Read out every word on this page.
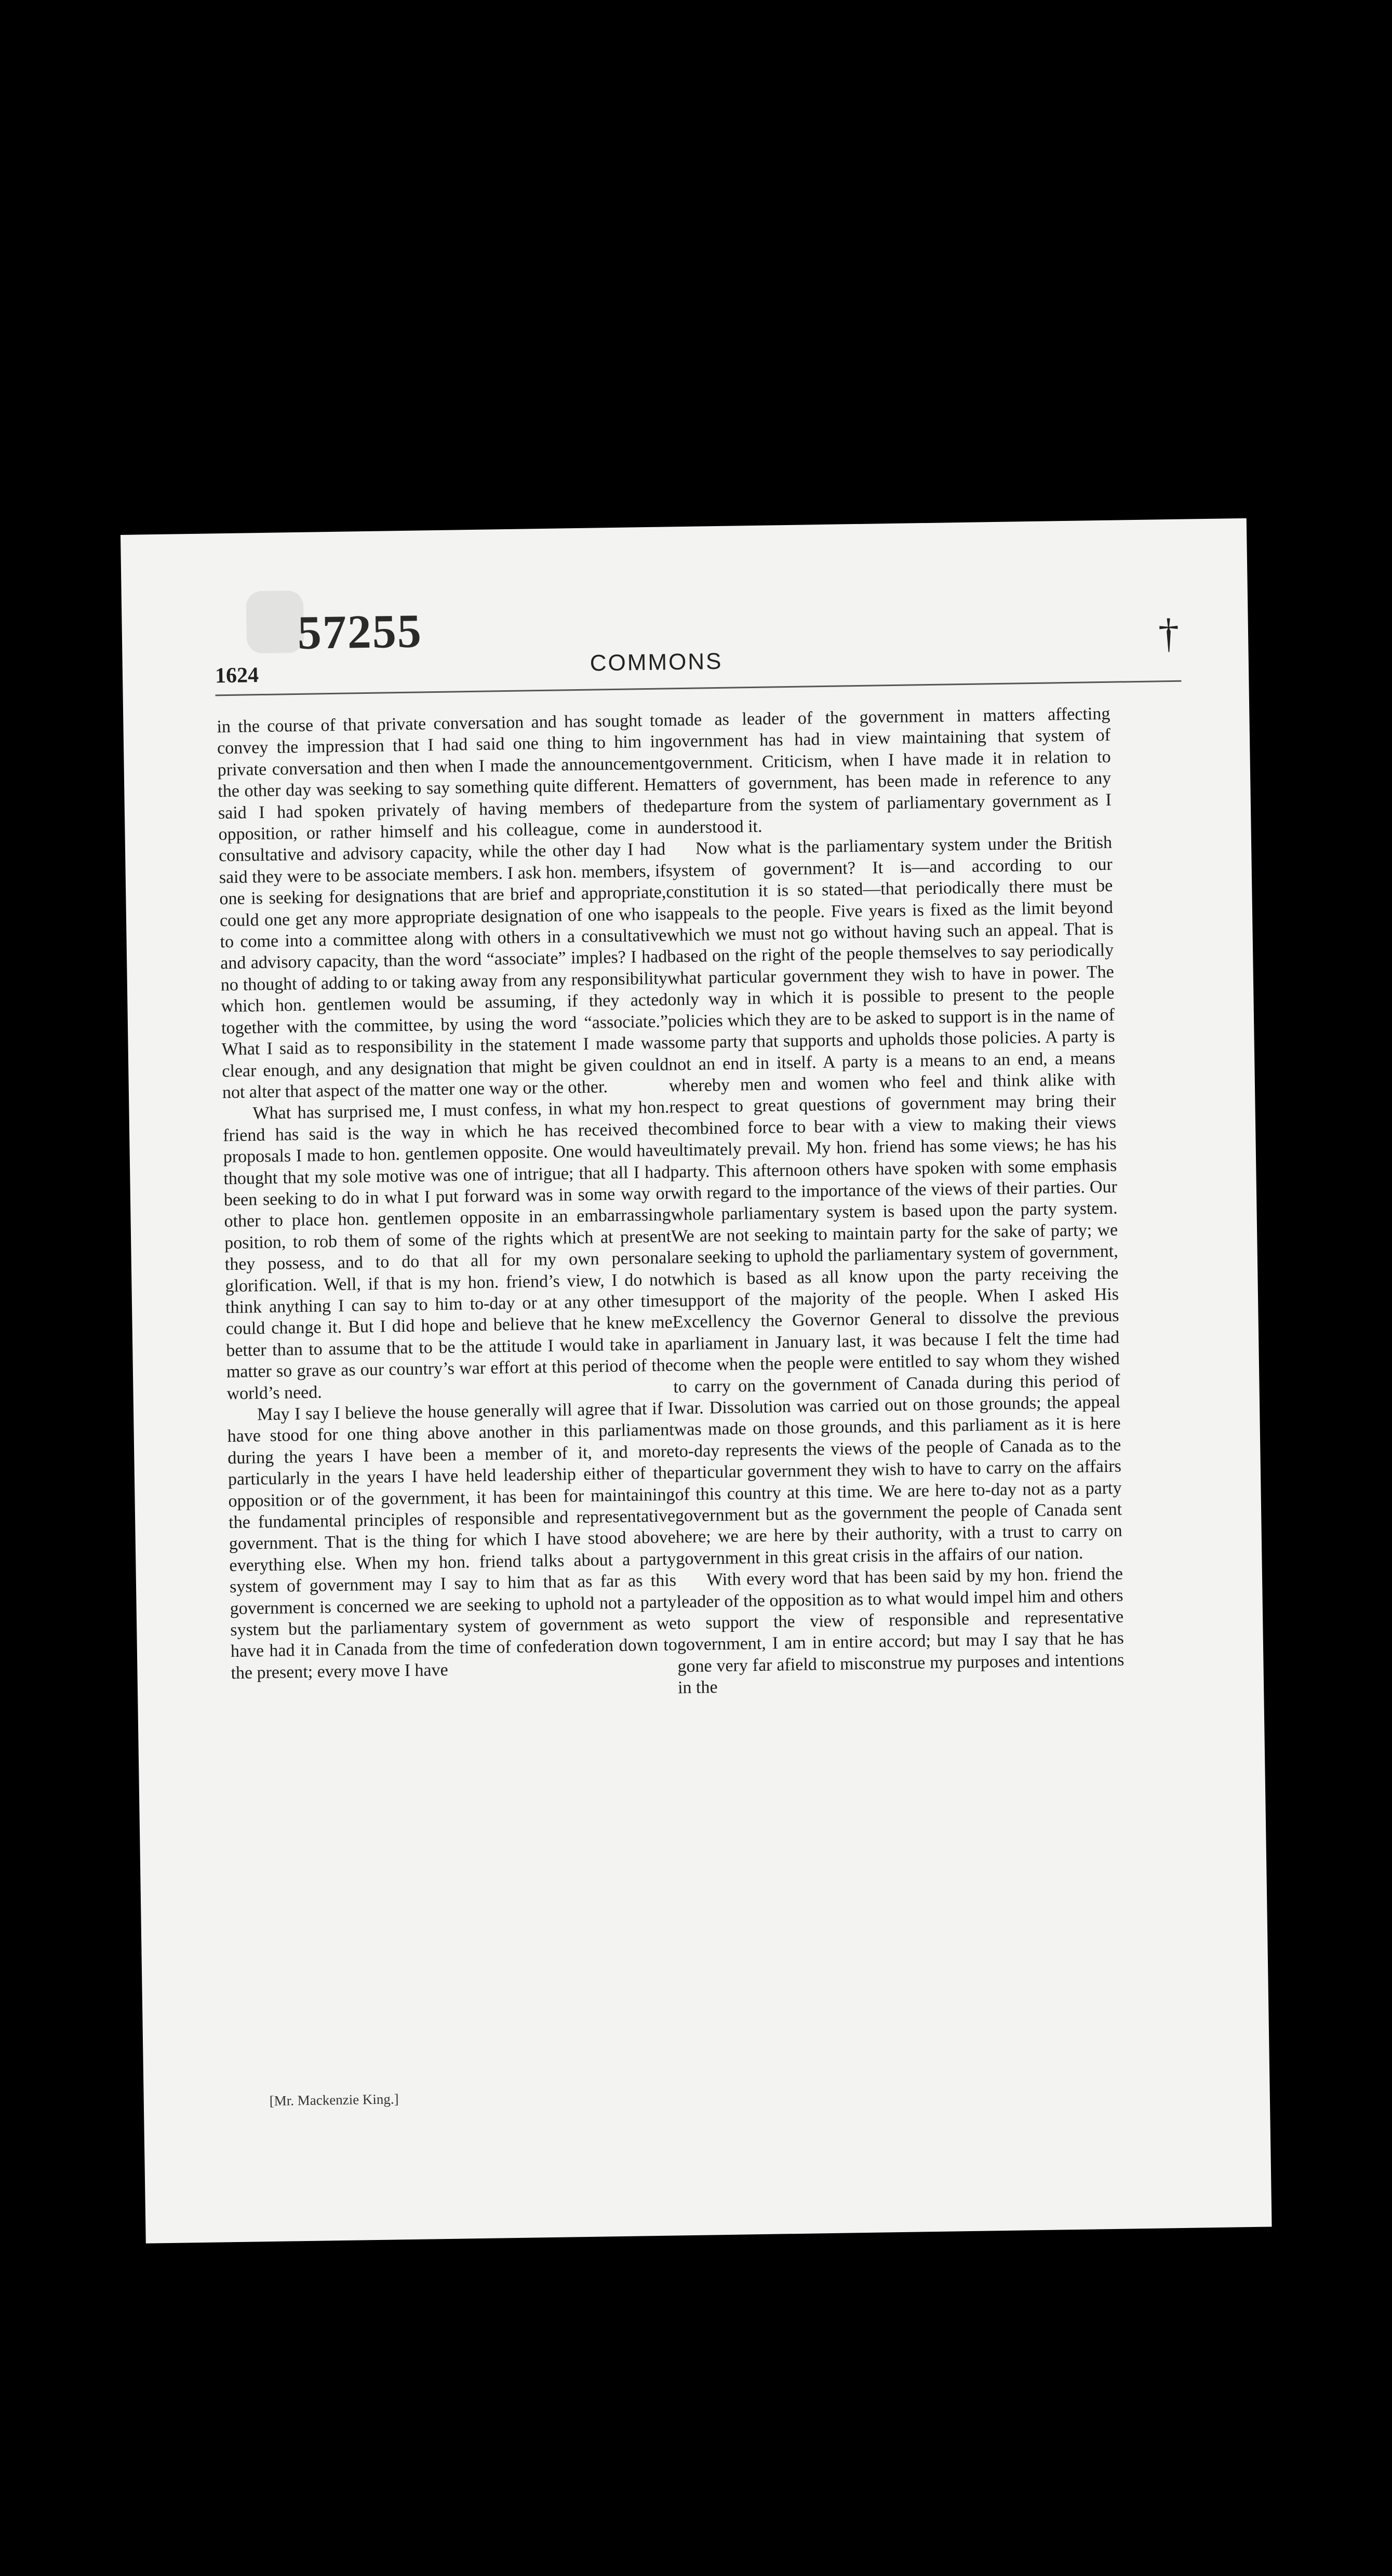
57255
1624	COMMONS
†

in the course of that private conversation and has sought to convey the impression that I had said one thing to him in private conversation and then when I made the announcement the other day was seeking to say something quite different. He said I had spoken privately of having members of the opposition, or rather himself and his colleague, come in a consultative and advisory capacity, while the other day I had said they were to be associate members. I ask hon. members, if one is seeking for designations that are brief and appropriate, could one get any more appropriate designation of one who is to come into a committee along with others in a consultative and advisory capacity, than the word “associate” imples? I had no thought of adding to or taking away from any responsibility which hon. gentlemen would be assuming, if they acted together with the committee, by using the word “associate.” What I said as to responsibility in the statement I made was clear enough, and any designation that might be given could not alter that aspect of the matter one way or the other.

What has surprised me, I must confess, in what my hon. friend has said is the way in which he has received the proposals I made to hon. gentlemen opposite. One would have thought that my sole motive was one of intrigue; that all I had been seeking to do in what I put forward was in some way or other to place hon. gentlemen opposite in an embarrassing position, to rob them of some of the rights which at present they possess, and to do that all for my own personal glorification. Well, if that is my hon. friend’s view, I do not think anything I can say to him to-day or at any other time could change it. But I did hope and believe that he knew me better than to assume that to be the attitude I would take in a matter so grave as our country’s war effort at this period of the world’s need.

May I say I believe the house generally will agree that if I have stood for one thing above another in this parliament during the years I have been a member of it, and more particularly in the years I have held leadership either of the opposition or of the government, it has been for maintaining the fundamental principles of responsible and representative government. That is the thing for which I have stood above everything else. When my hon. friend talks about a party system of government may I say to him that as far as this government is concerned we are seeking to uphold not a party system but the parliamentary system of government as we have had it in Canada from the time of confederation down to the present; every move I have

[Mr. Mackenzie King.]

made as leader of the government in matters affecting government has had in view maintaining that system of government. Criticism, when I have made it in relation to matters of government, has been made in reference to any departure from the system of parliamentary government as I understood it.

Now what is the parliamentary system under the British system of government? It is—and according to our constitution it is so stated—that periodically there must be appeals to the people. Five years is fixed as the limit beyond which we must not go without having such an appeal. That is based on the right of the people themselves to say periodically what particular government they wish to have in power. The only way in which it is possible to present to the people policies which they are to be asked to support is in the name of some party that supports and upholds those policies. A party is not an end in itself. A party is a means to an end, a means whereby men and women who feel and think alike with respect to great questions of government may bring their combined force to bear with a view to making their views ultimately prevail. My hon. friend has some views; he has his party. This afternoon others have spoken with some emphasis with regard to the importance of the views of their parties. Our whole parliamentary system is based upon the party system. We are not seeking to maintain party for the sake of party; we are seeking to uphold the parliamentary system of government, which is based as all know upon the party receiving the support of the majority of the people. When I asked His Excellency the Governor General to dissolve the previous parliament in January last, it was because I felt the time had come when the people were entitled to say whom they wished to carry on the government of Canada during this period of war. Dissolution was carried out on those grounds; the appeal was made on those grounds, and this parliament as it is here to-day represents the views of the people of Canada as to the particular government they wish to have to carry on the affairs of this country at this time. We are here to-day not as a party government but as the government the people of Canada sent here; we are here by their authority, with a trust to carry on government in this great crisis in the affairs of our nation.

With every word that has been said by my hon. friend the leader of the opposition as to what would impel him and others to support the view of responsible and representative government, I am in entire accord; but may I say that he has gone very far afield to misconstrue my purposes and intentions in the
